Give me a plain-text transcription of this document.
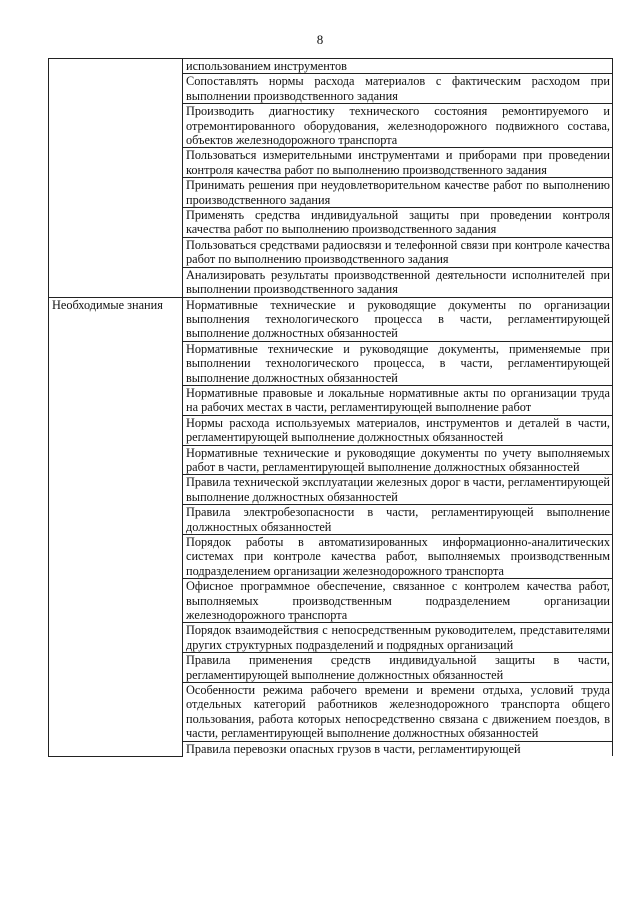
8
	использованием инструментов
	Сопоставлять нормы расхода материалов с фактическим расходом при выполнении производственного задания
	Производить диагностику технического состояния ремонтируемого и отремонтированного оборудования, железнодорожного подвижного состава, объектов железнодорожного транспорта
	Пользоваться измерительными инструментами и приборами при проведении контроля качества работ по выполнению производственного задания
	Принимать решения при неудовлетворительном качестве работ по выполнению производственного задания
	Применять средства индивидуальной защиты при проведении контроля качества работ по выполнению производственного задания
	Пользоваться средствами радиосвязи и телефонной связи при контроле качества работ по выполнению производственного задания
	Анализировать результаты производственной деятельности исполнителей при выполнении производственного задания
Необходимые знания	Нормативные технические и руководящие документы по организации выполнения технологического процесса в части, регламентирующей выполнение должностных обязанностей
	Нормативные технические и руководящие документы, применяемые при выполнении технологического процесса, в части, регламентирующей выполнение должностных обязанностей
	Нормативные правовые и локальные нормативные акты по организации труда на рабочих местах в части, регламентирующей выполнение работ
	Нормы расхода используемых материалов, инструментов и деталей в части, регламентирующей выполнение должностных обязанностей
	Нормативные технические и руководящие документы по учету выполняемых работ в части, регламентирующей выполнение должностных обязанностей
	Правила технической эксплуатации железных дорог в части, регламентирующей выполнение должностных обязанностей
	Правила электробезопасности в части, регламентирующей выполнение должностных обязанностей
	Порядок работы в автоматизированных информационно-аналитических системах при контроле качества работ, выполняемых производственным подразделением организации железнодорожного транспорта
	Офисное программное обеспечение, связанное с контролем качества работ, выполняемых производственным подразделением организации железнодорожного транспорта
	Порядок взаимодействия с непосредственным руководителем, представителями других структурных подразделений и подрядных организаций
	Правила применения средств индивидуальной защиты в части, регламентирующей выполнение должностных обязанностей
	Особенности режима рабочего времени и времени отдыха, условий труда отдельных категорий работников железнодорожного транспорта общего пользования, работа которых непосредственно связана с движением поездов, в части, регламентирующей выполнение должностных обязанностей
	Правила перевозки опасных грузов в части, регламентирующей
